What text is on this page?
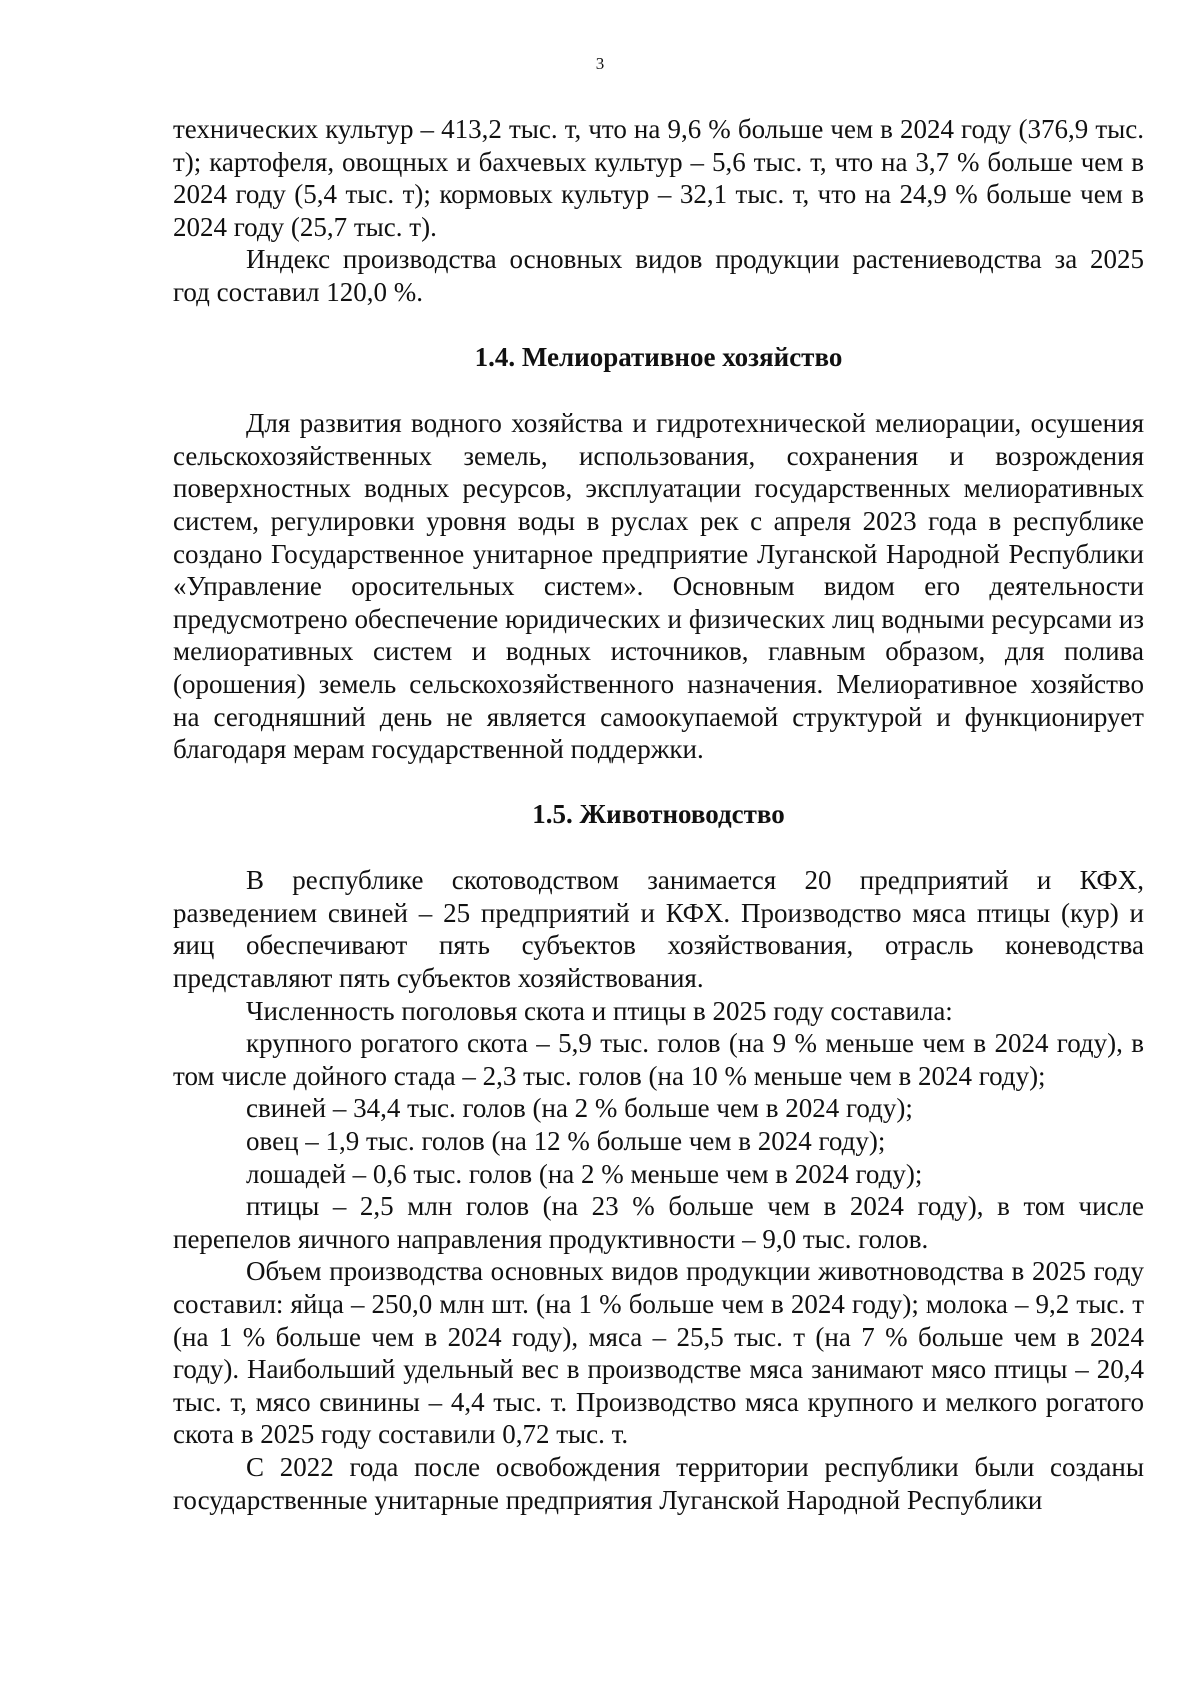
3

технических культур – 413,2 тыс. т, что на 9,6 % больше чем в 2024 году (376,9 тыс. т); картофеля, овощных и бахчевых культур – 5,6 тыс. т, что на 3,7 % больше чем в 2024 году (5,4 тыс. т); кормовых культур – 32,1 тыс. т, что на 24,9 % больше чем в 2024 году (25,7 тыс. т).

Индекс производства основных видов продукции растениеводства за 2025 год составил 120,0 %.

1.4. Мелиоративное хозяйство

Для развития водного хозяйства и гидротехнической мелиорации, осушения сельскохозяйственных земель, использования, сохранения и возрождения поверхностных водных ресурсов, эксплуатации государственных мелиоративных систем, регулировки уровня воды в руслах рек с апреля 2023 года в республике создано Государственное унитарное предприятие Луганской Народной Республики «Управление оросительных систем». Основным видом его деятельности предусмотрено обеспечение юридических и физических лиц водными ресурсами из мелиоративных систем и водных источников, главным образом, для полива (орошения) земель сельскохозяйственного назначения. Мелиоративное хозяйство на сегодняшний день не является самоокупаемой структурой и функционирует благодаря мерам государственной поддержки.

1.5. Животноводство

В республике скотоводством занимается 20 предприятий и КФХ, разведением свиней – 25 предприятий и КФХ. Производство мяса птицы (кур) и яиц обеспечивают пять субъектов хозяйствования, отрасль коневодства представляют пять субъектов хозяйствования.

Численность поголовья скота и птицы в 2025 году составила:

крупного рогатого скота – 5,9 тыс. голов (на 9 % меньше чем в 2024 году), в том числе дойного стада – 2,3 тыс. голов (на 10 % меньше чем в 2024 году);

свиней – 34,4 тыс. голов (на 2 % больше чем в 2024 году);

овец – 1,9 тыс. голов (на 12 % больше чем в 2024 году);

лошадей – 0,6 тыс. голов (на 2 % меньше чем в 2024 году);

птицы – 2,5 млн голов (на 23 % больше чем в 2024 году), в том числе перепелов яичного направления продуктивности – 9,0 тыс. голов.

Объем производства основных видов продукции животноводства в 2025 году составил: яйца – 250,0 млн шт. (на 1 % больше чем в 2024 году); молока – 9,2 тыс. т (на 1 % больше чем в 2024 году), мяса – 25,5 тыс. т (на 7 % больше чем в 2024 году). Наибольший удельный вес в производстве мяса занимают мясо птицы – 20,4 тыс. т, мясо свинины – 4,4 тыс. т. Производство мяса крупного и мелкого рогатого скота в 2025 году составили 0,72 тыс. т.

С 2022 года после освобождения территории республики были созданы государственные унитарные предприятия Луганской Народной Республики
